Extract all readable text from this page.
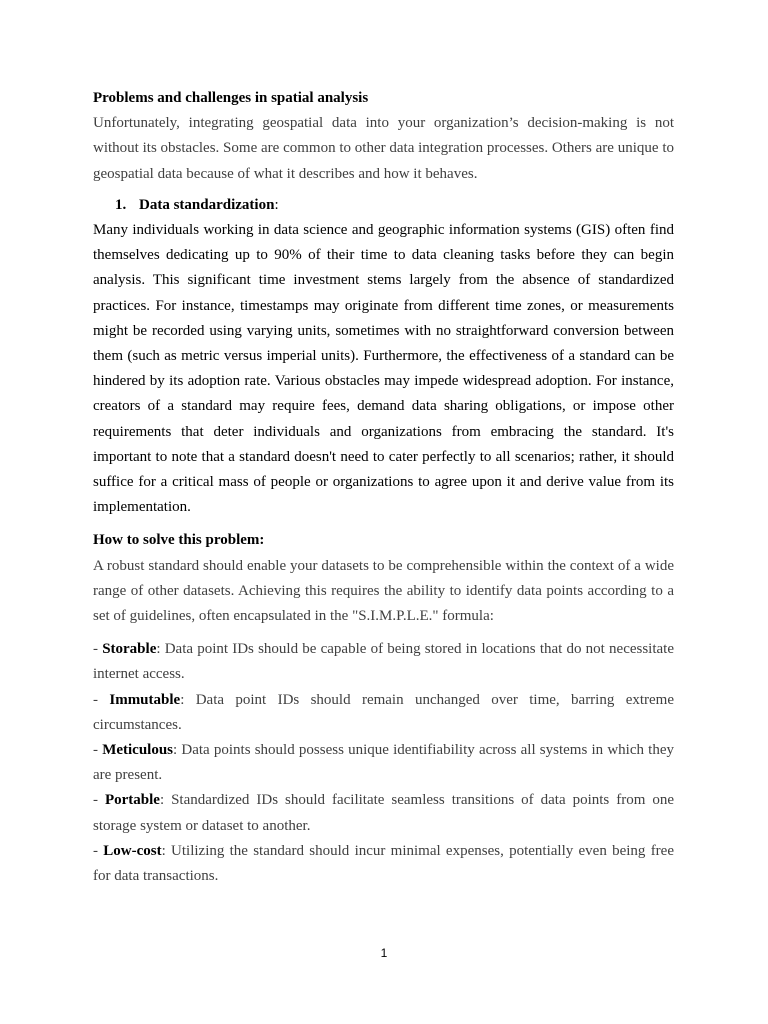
Problems and challenges in spatial analysis

Unfortunately, integrating geospatial data into your organization’s decision-making is not without its obstacles. Some are common to other data integration processes. Others are unique to geospatial data because of what it describes and how it behaves.

1. Data standardization:

Many individuals working in data science and geographic information systems (GIS) often find themselves dedicating up to 90% of their time to data cleaning tasks before they can begin analysis. This significant time investment stems largely from the absence of standardized practices. For instance, timestamps may originate from different time zones, or measurements might be recorded using varying units, sometimes with no straightforward conversion between them (such as metric versus imperial units). Furthermore, the effectiveness of a standard can be hindered by its adoption rate. Various obstacles may impede widespread adoption. For instance, creators of a standard may require fees, demand data sharing obligations, or impose other requirements that deter individuals and organizations from embracing the standard. It's important to note that a standard doesn't need to cater perfectly to all scenarios; rather, it should suffice for a critical mass of people or organizations to agree upon it and derive value from its implementation.

How to solve this problem:

A robust standard should enable your datasets to be comprehensible within the context of a wide range of other datasets. Achieving this requires the ability to identify data points according to a set of guidelines, often encapsulated in the "S.I.M.P.L.E." formula:

- Storable: Data point IDs should be capable of being stored in locations that do not necessitate internet access.

- Immutable: Data point IDs should remain unchanged over time, barring extreme circumstances.

- Meticulous: Data points should possess unique identifiability across all systems in which they are present.

- Portable: Standardized IDs should facilitate seamless transitions of data points from one storage system or dataset to another.

- Low-cost: Utilizing the standard should incur minimal expenses, potentially even being free for data transactions.

1
